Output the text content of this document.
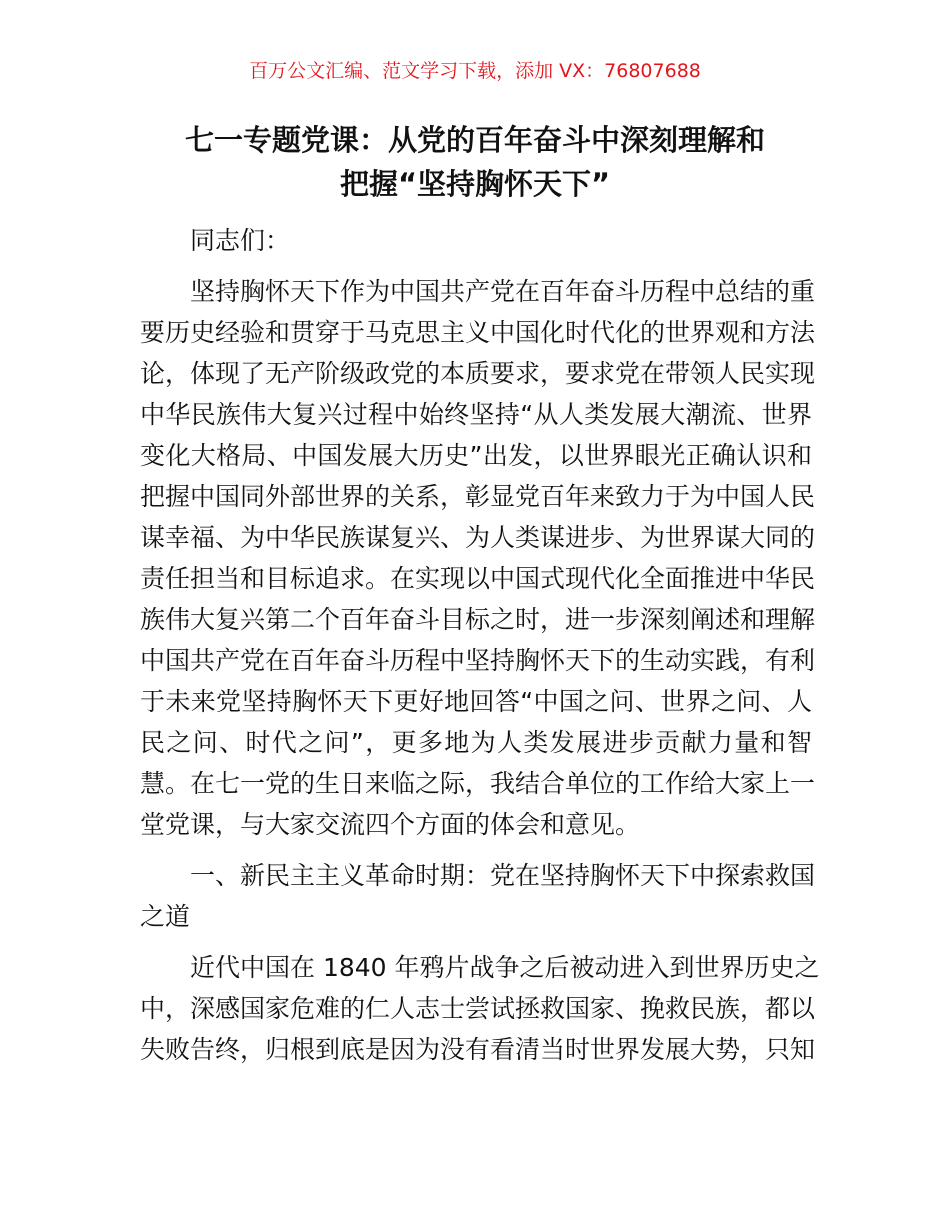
百万公文汇编、范文学习下载，添加 VX：76807688
七一专题党课：从党的百年奋斗中深刻理解和
把握“坚持胸怀天下”
同志们：
坚持胸怀天下作为中国共产党在百年奋斗历程中总结的重
要历史经验和贯穿于马克思主义中国化时代化的世界观和方法
论，体现了无产阶级政党的本质要求，要求党在带领人民实现
中华民族伟大复兴过程中始终坚持“从人类发展大潮流、世界
变化大格局、中国发展大历史”出发，以世界眼光正确认识和
把握中国同外部世界的关系，彰显党百年来致力于为中国人民
谋幸福、为中华民族谋复兴、为人类谋进步、为世界谋大同的
责任担当和目标追求。在实现以中国式现代化全面推进中华民
族伟大复兴第二个百年奋斗目标之时，进一步深刻阐述和理解
中国共产党在百年奋斗历程中坚持胸怀天下的生动实践，有利
于未来党坚持胸怀天下更好地回答“中国之问、世界之问、人
民之问、时代之问”，更多地为人类发展进步贡献力量和智
慧。在七一党的生日来临之际，我结合单位的工作给大家上一
堂党课，与大家交流四个方面的体会和意见。
一、新民主主义革命时期：党在坚持胸怀天下中探索救国
之道
近代中国在 1840 年鸦片战争之后被动进入到世界历史之
中，深感国家危难的仁人志士尝试拯救国家、挽救民族，都以
失败告终，归根到底是因为没有看清当时世界发展大势，只知
